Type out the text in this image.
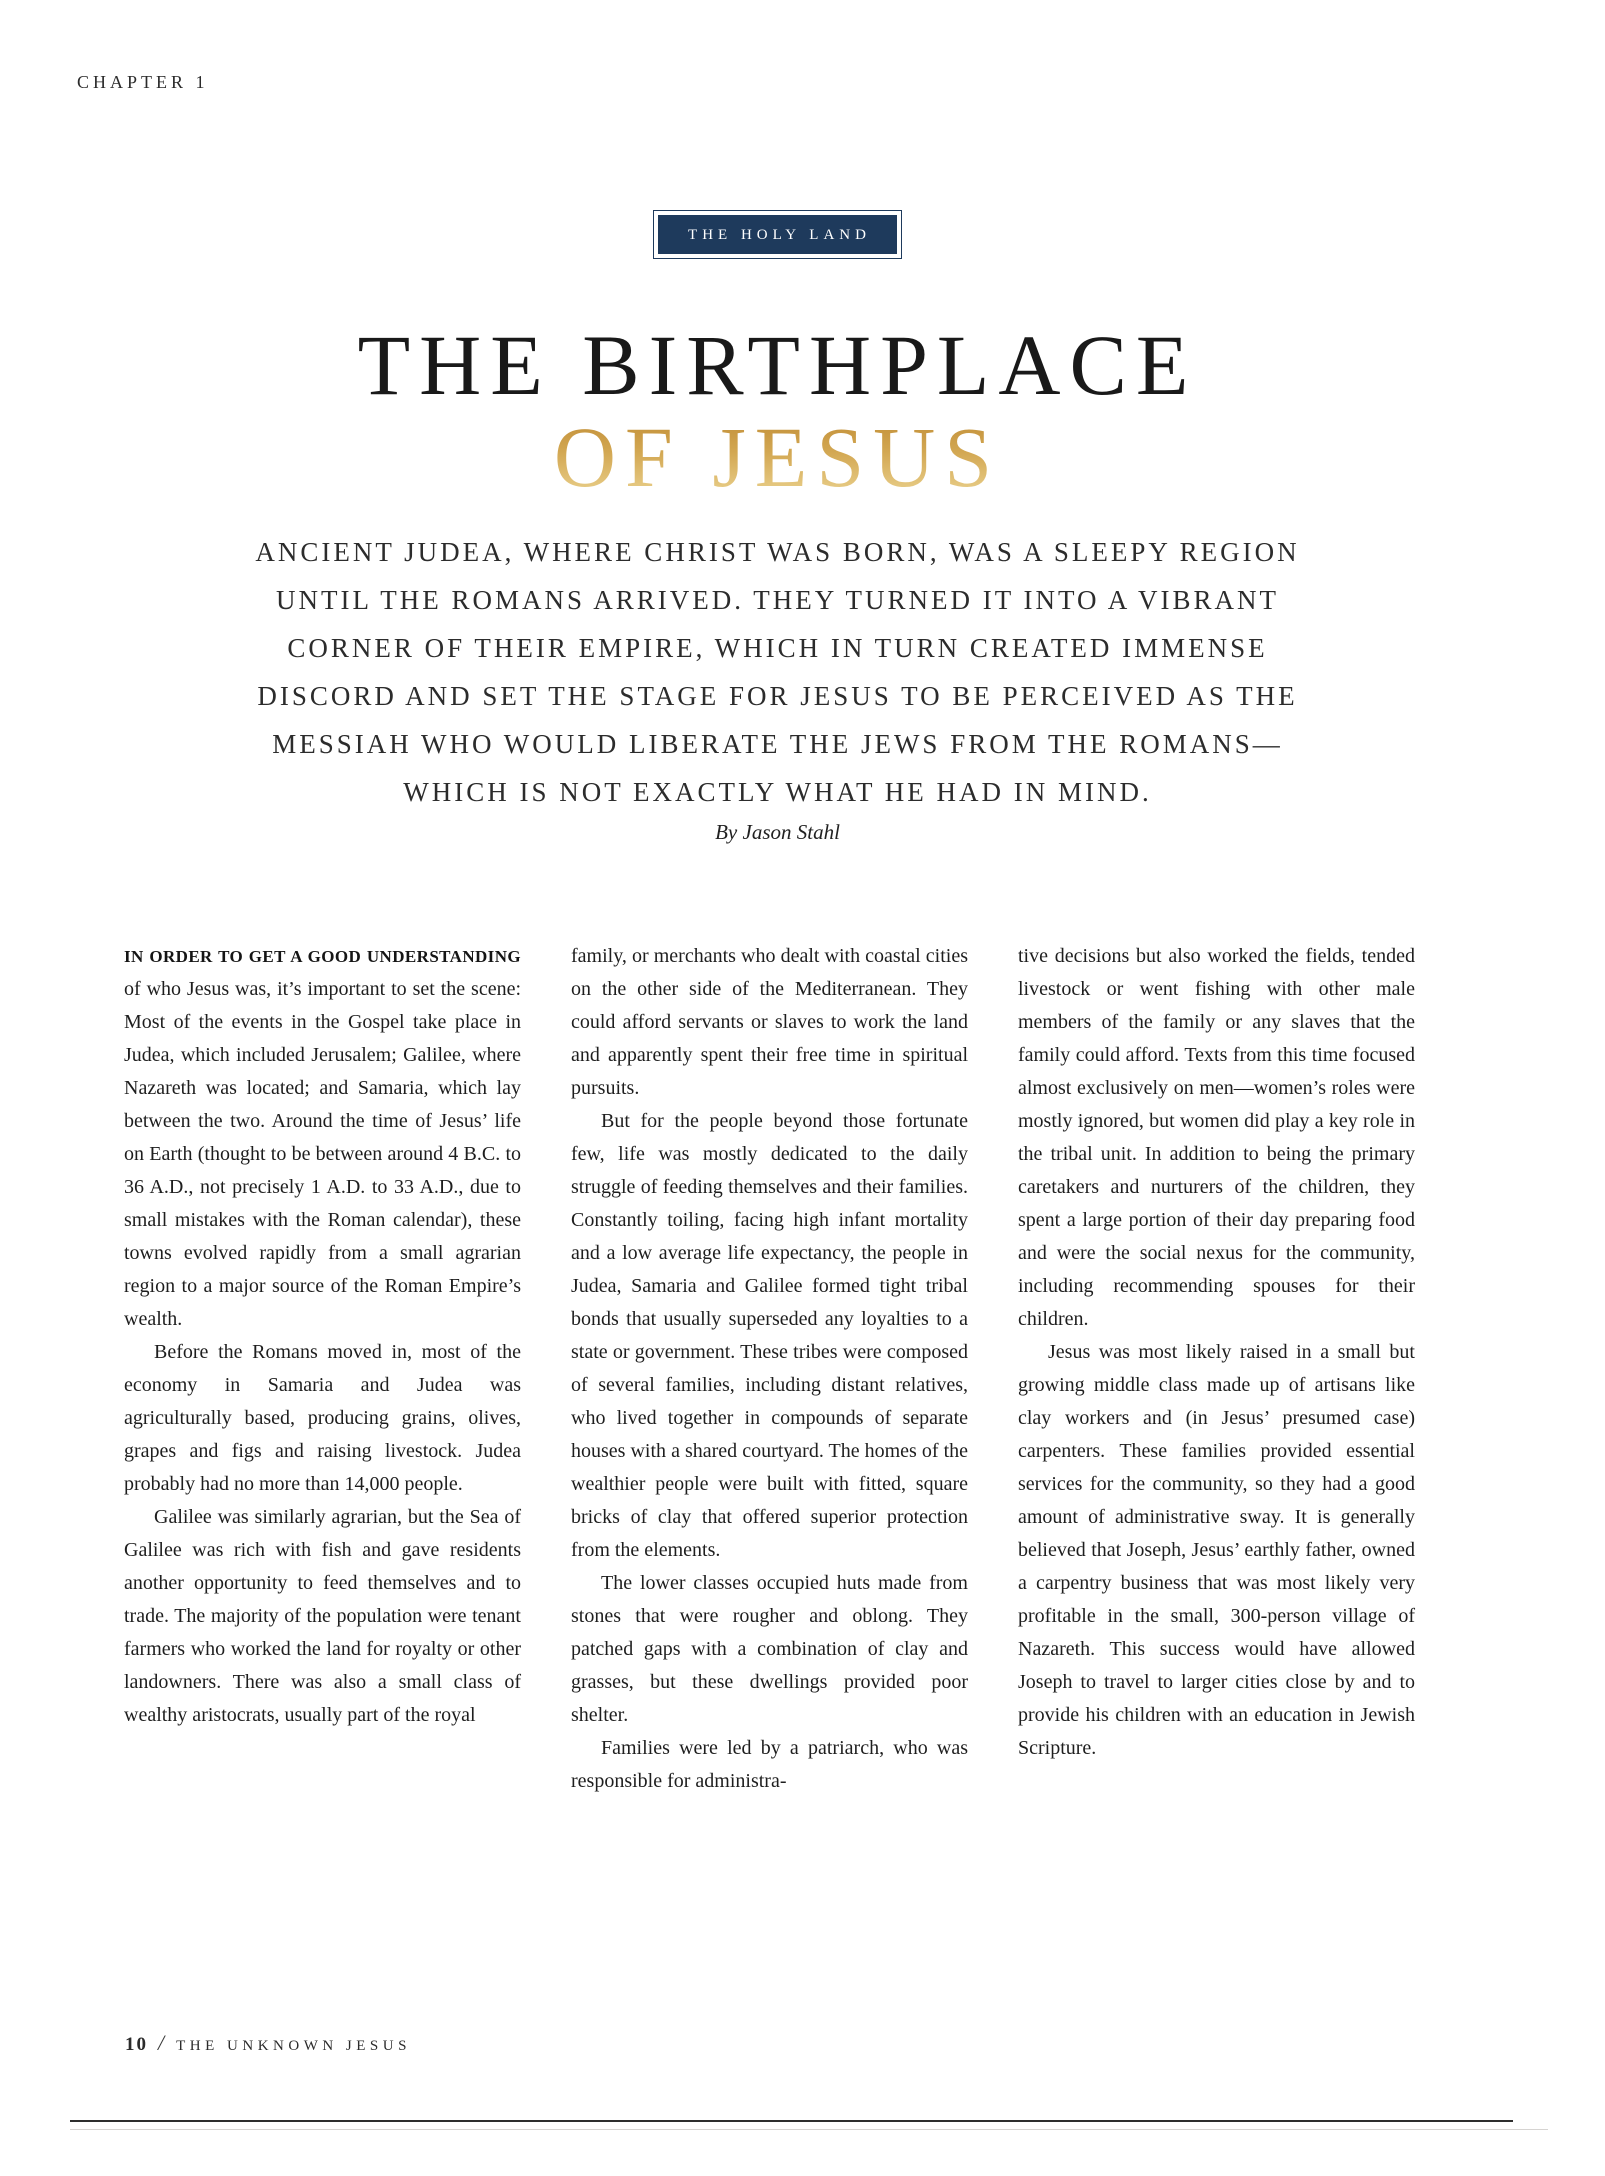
CHAPTER 1
THE HOLY LAND
THE BIRTHPLACE
OF JESUS
ANCIENT JUDEA, WHERE CHRIST WAS BORN, WAS A SLEEPY REGION
UNTIL THE ROMANS ARRIVED. THEY TURNED IT INTO A VIBRANT
CORNER OF THEIR EMPIRE, WHICH IN TURN CREATED IMMENSE
DISCORD AND SET THE STAGE FOR JESUS TO BE PERCEIVED AS THE
MESSIAH WHO WOULD LIBERATE THE JEWS FROM THE ROMANS—
WHICH IS NOT EXACTLY WHAT HE HAD IN MIND.
By Jason Stahl

IN ORDER TO GET A GOOD UNDERSTANDING of who Jesus was, it’s important to set the scene: Most of the events in the Gospel take place in Judea, which included Jerusalem; Galilee, where Nazareth was located; and Samaria, which lay between the two. Around the time of Jesus’ life on Earth (thought to be between around 4 B.C. to 36 A.D., not precisely 1 A.D. to 33 A.D., due to small mistakes with the Roman calendar), these towns evolved rapidly from a small agrarian region to a major source of the Roman Empire’s wealth.

Before the Romans moved in, most of the economy in Samaria and Judea was agriculturally based, producing grains, olives, grapes and figs and raising livestock. Judea probably had no more than 14,000 people.

Galilee was similarly agrarian, but the Sea of Galilee was rich with fish and gave residents another opportunity to feed themselves and to trade. The majority of the population were tenant farmers who worked the land for royalty or other landowners. There was also a small class of wealthy aristocrats, usually part of the royal

family, or merchants who dealt with coastal cities on the other side of the Mediterranean. They could afford servants or slaves to work the land and apparently spent their free time in spiritual pursuits.

But for the people beyond those fortunate few, life was mostly dedicated to the daily struggle of feeding themselves and their families. Constantly toiling, facing high infant mortality and a low average life expectancy, the people in Judea, Samaria and Galilee formed tight tribal bonds that usually superseded any loyalties to a state or government. These tribes were composed of several families, including distant relatives, who lived together in compounds of separate houses with a shared courtyard. The homes of the wealthier people were built with fitted, square bricks of clay that offered superior protection from the elements.

The lower classes occupied huts made from stones that were rougher and oblong. They patched gaps with a combination of clay and grasses, but these dwellings provided poor shelter.

Families were led by a patriarch, who was responsible for administra-

tive decisions but also worked the fields, tended livestock or went fishing with other male members of the family or any slaves that the family could afford. Texts from this time focused almost exclusively on men—women’s roles were mostly ignored, but women did play a key role in the tribal unit. In addition to being the primary caretakers and nurturers of the children, they spent a large portion of their day preparing food and were the social nexus for the community, including recommending spouses for their children.

Jesus was most likely raised in a small but growing middle class made up of artisans like clay workers and (in Jesus’ presumed case) carpenters. These families provided essential services for the community, so they had a good amount of administrative sway. It is generally believed that Joseph, Jesus’ earthly father, owned a carpentry business that was most likely very profitable in the small, 300-person village of Nazareth. This success would have allowed Joseph to travel to larger cities close by and to provide his children with an education in Jewish Scripture.

10 / THE UNKNOWN JESUS
